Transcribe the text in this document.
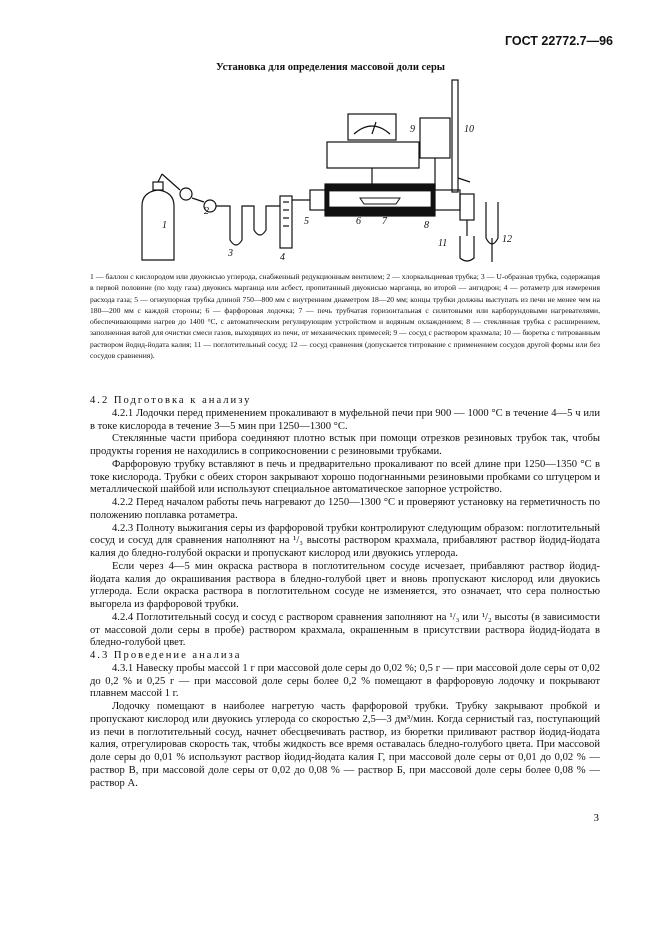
ГОСТ 22772.7—96
Установка для определения массовой доли серы
1
2
3	4
5	6 7	8
9	10
11	12
1 — баллон с кислородом или двуокисью углерода, снабженный редукционным вентилем; 2 — хлоркальциевая трубка; 3 — U-образная трубка, содержащая в первой половине (по ходу газа) двуокись марганца или асбест, пропитанный двуокисью марганца, во второй — ангидрон; 4 — ротаметр для измерения расхода газа; 5 — огнеупорная трубка длиной 750—800 мм с внутренним диаметром 18—20 мм; концы трубки должны выступать из печи не менее чем на 180—200 мм с каждой стороны; 6 — фарфоровая лодочка; 7 — печь трубчатая горизонтальная с силитовыми или карборундовыми нагревателями, обеспечивающими нагрев до 1400 °С, с автоматическим регулирующим устройством и водяным охлаждением; 8 — стеклянная трубка с расширением, заполненная ватой для очистки смеси газов, выходящих из печи, от механических примесей; 9 — сосуд с раствором крахмала; 10 — бюретка с титрованным раствором йодид-йодата калия; 11 — поглотительный сосуд; 12 — сосуд сравнения (допускается титрование с применением сосудов другой формы или без сосудов сравнения).

4.2 Подготовка к анализу

4.2.1 Лодочки перед применением прокаливают в муфельной печи при 900 — 1000 °С в течение 4—5 ч или в токе кислорода в течение 3—5 мин при 1250—1300 °С.

Стеклянные части прибора соединяют плотно встык при помощи отрезков резиновых трубок так, чтобы продукты горения не находились в соприкосновении с резиновыми трубками.

Фарфоровую трубку вставляют в печь и предварительно прокаливают по всей длине при 1250—1350 °С в токе кислорода. Трубки с обеих сторон закрывают хорошо подогнанными резиновыми пробками со штуцером и металлической шайбой или используют специальное автоматическое запорное устройство.

4.2.2 Перед началом работы печь нагревают до 1250—1300 °С и проверяют установку на герметичность по положению поплавка ротаметра.

4.2.3 Полноту выжигания серы из фарфоровой трубки контролируют следующим образом: поглотительный сосуд и сосуд для сравнения наполняют на ¹/₃ высоты раствором крахмала, прибавляют раствор йодид-йодата калия до бледно-голубой окраски и пропускают кислород или двуокись углерода.

Если через 4—5 мин окраска раствора в поглотительном сосуде исчезает, прибавляют раствор йодид-йодата калия до окрашивания раствора в бледно-голубой цвет и вновь пропускают кислород или двуокись углерода. Если окраска раствора в поглотительном сосуде не изменяется, это означает, что сера полностью выгорела из фарфоровой трубки.

4.2.4 Поглотительный сосуд и сосуд с раствором сравнения заполняют на ¹/₃ или ¹/₂ высоты (в зависимости от массовой доли серы в пробе) раствором крахмала, окрашенным в присутствии раствора йодид-йодата в бледно-голубой цвет.

4.3 Проведение анализа

4.3.1 Навеску пробы массой 1 г при массовой доле серы до 0,02 %; 0,5 г — при массовой доле серы от 0,02 до 0,2 % и 0,25 г — при массовой доле серы более 0,2 % помещают в фарфоровую лодочку и покрывают плавнем массой 1 г.

Лодочку помещают в наиболее нагретую часть фарфоровой трубки. Трубку закрывают пробкой и пропускают кислород или двуокись углерода со скоростью 2,5—3 дм³/мин. Когда сернистый газ, поступающий из печи в поглотительный сосуд, начнет обесцвечивать раствор, из бюретки приливают раствор йодид-йодата калия, отрегулировав скорость так, чтобы жидкость все время оставалась бледно-голубого цвета. При массовой доле серы до 0,01 % используют раствор йодид-йодата калия Г, при массовой доле серы от 0,01 до 0,02 % — раствор В, при массовой доле серы от 0,02 до 0,08 % — раствор Б, при массовой доле серы более 0,08 % — раствор А.

3
